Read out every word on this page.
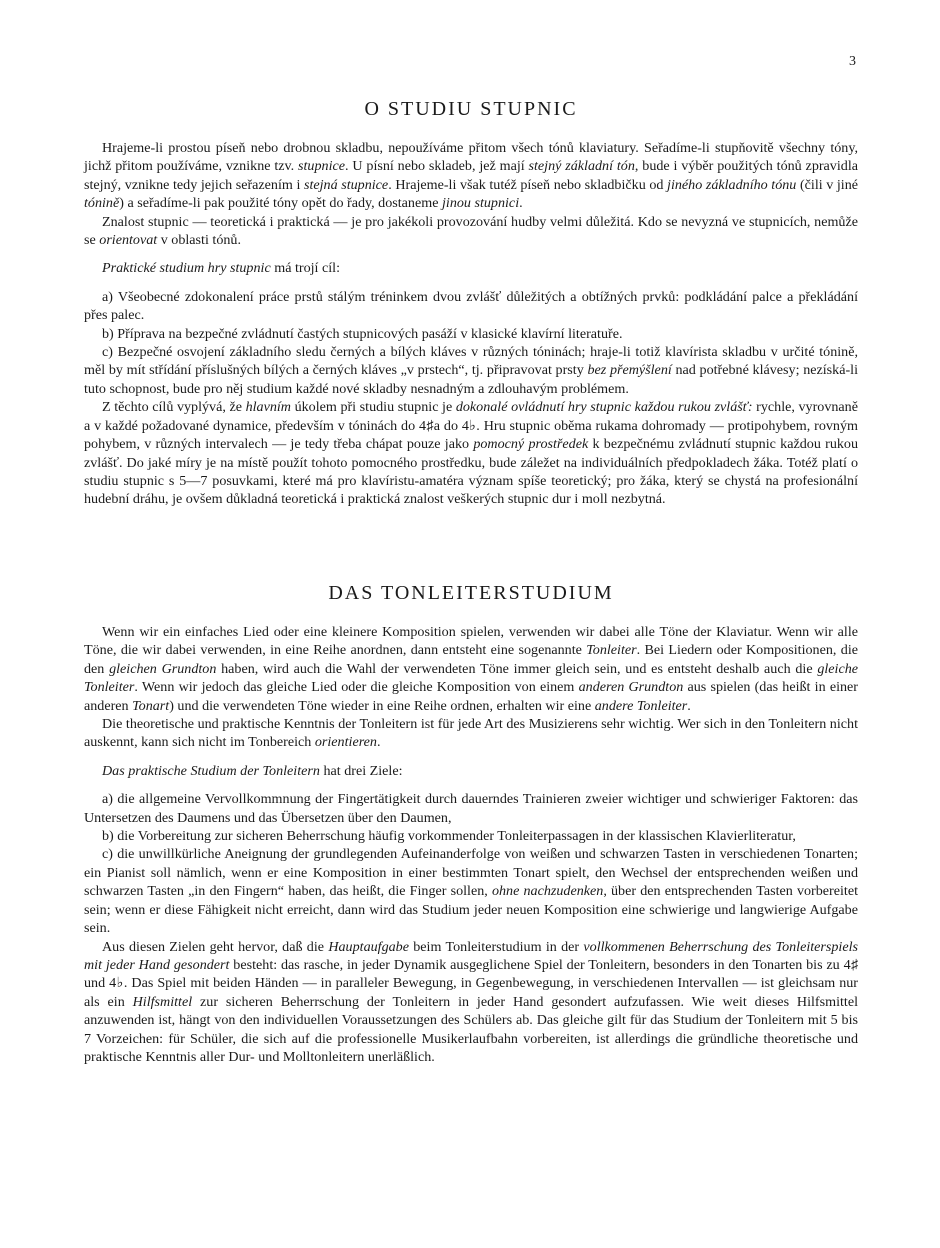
3
O STUDIU STUPNIC

Hrajeme-li prostou píseň nebo drobnou skladbu, nepoužíváme přitom všech tónů klaviatury. Seřadíme-li stupňovitě všechny tóny, jichž přitom používáme, vznikne tzv. stupnice. U písní nebo skladeb, jež mají stejný základní tón, bude i výběr použitých tónů zpravidla stejný, vznikne tedy jejich seřazením i stejná stupnice. Hrajeme-li však tutéž píseň nebo skladbičku od jiného základního tónu (čili v jiné tónině) a seřadíme-li pak použité tóny opět do řady, dostaneme jinou stupnici.

Znalost stupnic — teoretická i praktická — je pro jakékoli provozování hudby velmi důležitá. Kdo se nevyzná ve stupnicích, nemůže se orientovat v oblasti tónů.

Praktické studium hry stupnic má trojí cíl:

a) Všeobecné zdokonalení práce prstů stálým tréninkem dvou zvlášť důležitých a obtížných prvků: podkládání palce a překládání přes palec.

b) Příprava na bezpečné zvládnutí častých stupnicových pasáží v klasické klavírní literatuře.

c) Bezpečné osvojení základního sledu černých a bílých kláves v různých tóninách; hraje-li totiž klavírista skladbu v určité tónině, měl by mít střídání příslušných bílých a černých kláves „v prstech“, tj. připravovat prsty bez přemýšlení nad potřebné klávesy; nezíská-li tuto schopnost, bude pro něj studium každé nové skladby nesnadným a zdlouhavým problémem.

Z těchto cílů vyplývá, že hlavním úkolem při studiu stupnic je dokonalé ovládnutí hry stupnic každou rukou zvlášť: rychle, vyrovnaně a v každé požadované dynamice, především v tóninách do 4♯a do 4♭. Hru stupnic oběma rukama dohromady — protipohybem, rovným pohybem, v různých intervalech — je tedy třeba chápat pouze jako pomocný prostředek k bezpečnému zvládnutí stupnic každou rukou zvlášť. Do jaké míry je na místě použít tohoto pomocného prostředku, bude záležet na individuálních předpokladech žáka. Totéž platí o studiu stupnic s 5—7 posuvkami, které má pro klavíristu-amatéra význam spíše teoretický; pro žáka, který se chystá na profesionální hudební dráhu, je ovšem důkladná teoretická i praktická znalost veškerých stupnic dur i moll nezbytná.

DAS TONLEITERSTUDIUM

Wenn wir ein einfaches Lied oder eine kleinere Komposition spielen, verwenden wir dabei alle Töne der Klaviatur. Wenn wir alle Töne, die wir dabei verwenden, in eine Reihe anordnen, dann entsteht eine sogenannte Tonleiter. Bei Liedern oder Kompositionen, die den gleichen Grundton haben, wird auch die Wahl der verwendeten Töne immer gleich sein, und es entsteht deshalb auch die gleiche Tonleiter. Wenn wir jedoch das gleiche Lied oder die gleiche Komposition von einem anderen Grundton aus spielen (das heißt in einer anderen Tonart) und die verwendeten Töne wieder in eine Reihe ordnen, erhalten wir eine andere Tonleiter.

Die theoretische und praktische Kenntnis der Tonleitern ist für jede Art des Musizierens sehr wichtig. Wer sich in den Tonleitern nicht auskennt, kann sich nicht im Tonbereich orientieren.

Das praktische Studium der Tonleitern hat drei Ziele:

a) die allgemeine Vervollkommnung der Fingertätigkeit durch dauerndes Trainieren zweier wichtiger und schwieriger Faktoren: das Untersetzen des Daumens und das Übersetzen über den Daumen,

b) die Vorbereitung zur sicheren Beherrschung häufig vorkommender Tonleiterpassagen in der klassischen Klavierliteratur,

c) die unwillkürliche Aneignung der grundlegenden Aufeinanderfolge von weißen und schwarzen Tasten in verschiedenen Tonarten; ein Pianist soll nämlich, wenn er eine Komposition in einer bestimmten Tonart spielt, den Wechsel der entsprechenden weißen und schwarzen Tasten „in den Fingern“ haben, das heißt, die Finger sollen, ohne nachzudenken, über den entsprechenden Tasten vorbereitet sein; wenn er diese Fähigkeit nicht erreicht, dann wird das Studium jeder neuen Komposition eine schwierige und langwierige Aufgabe sein.

Aus diesen Zielen geht hervor, daß die Hauptaufgabe beim Tonleiterstudium in der vollkommenen Beherrschung des Tonleiterspiels mit jeder Hand gesondert besteht: das rasche, in jeder Dynamik ausgeglichene Spiel der Tonleitern, besonders in den Tonarten bis zu 4♯ und 4♭. Das Spiel mit beiden Händen — in paralleler Bewegung, in Gegenbewegung, in verschiedenen Intervallen — ist gleichsam nur als ein Hilfsmittel zur sicheren Beherrschung der Tonleitern in jeder Hand gesondert aufzufassen. Wie weit dieses Hilfsmittel anzuwenden ist, hängt von den individuellen Voraussetzungen des Schülers ab. Das gleiche gilt für das Studium der Tonleitern mit 5 bis 7 Vorzeichen: für Schüler, die sich auf die professionelle Musikerlaufbahn vorbereiten, ist allerdings die gründliche theoretische und praktische Kenntnis aller Dur- und Molltonleitern unerläßlich.
